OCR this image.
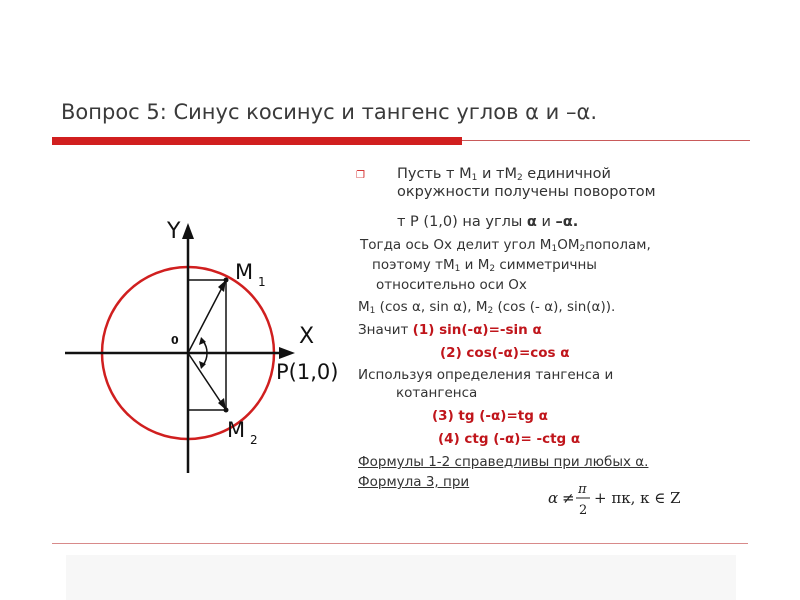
Вопрос 5: Синус косинус и тангенс углов α и –α.
Y
X
0
M 1
M 2
P(1,0)
❐ Пусть т $М_1$ и $тМ_2$ единичной
окружности получены поворотом
т Р (1,0) на углы α и –α.
Тогда ось Ох делит угол $М_1ОМ_2пополам$,
поэтому $тМ_1$ и $М_2$ симметричны
относительно оси Ох
$М_1$ (cos α, sin α), $М_2$ (cos (- α), sin(α)).
Значит (1) sin(-α)=-sin α
(2) cos(-α)=cos α
Используя определения тангенса и
котангенса
(3) tg (-α)=tg α
(4) ctg (-α)= -ctg α
Формулы 1-2 справедливы при любых α.
Формула 3, при
α ≠ π
2
+ πк, к ∈ Z
